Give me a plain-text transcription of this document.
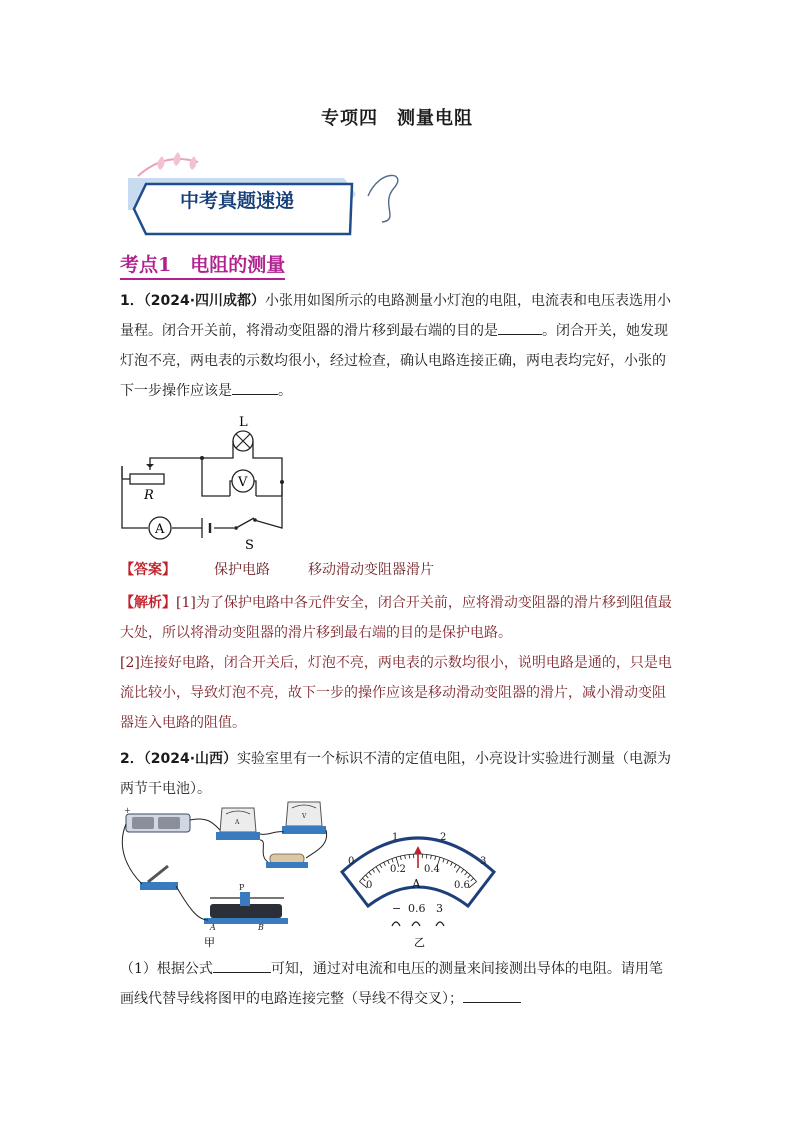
专项四　测量电阻
中考真题速递
考点1　电阻的测量
1．（2024·四川成都）小张用如图所示的电路测量小灯泡的电阻，电流表和电压表选用小量程。闭合开关前，将滑动变阻器的滑片移到最右端的目的是	。闭合开关，她发现灯泡不亮，两电表的示数均很小，经过检查，确认电路连接正确，两电表均完好，小张的下一步操作应该是	。
L
V
R
A
S
【答案】	保护电路	移动滑动变阻器滑片
【解析】[1]为了保护电路中各元件安全，闭合开关前，应将滑动变阻器的滑片移到阻值最大处，所以将滑动变阻器的滑片移到最右端的目的是保护电路。
[2]连接好电路，闭合开关后，灯泡不亮，两电表的示数均很小，说明电路是通的，只是电流比较小，导致灯泡不亮，故下一步的操作应该是移动滑动变阻器的滑片，减小滑动变阻器连入电路的阻值。
2．（2024·山西）实验室里有一个标识不清的定值电阻，小亮设计实验进行测量（电源为两节干电池）。
+
A
V
P
A	B
甲
0
1	2
3
0
0.2 0.4
0.6
A
− 0.6 3
乙
（1）根据公式	可知，通过对电流和电压的测量来间接测出导体的电阻。请用笔画线代替导线将图甲的电路连接完整（导线不得交叉）；
